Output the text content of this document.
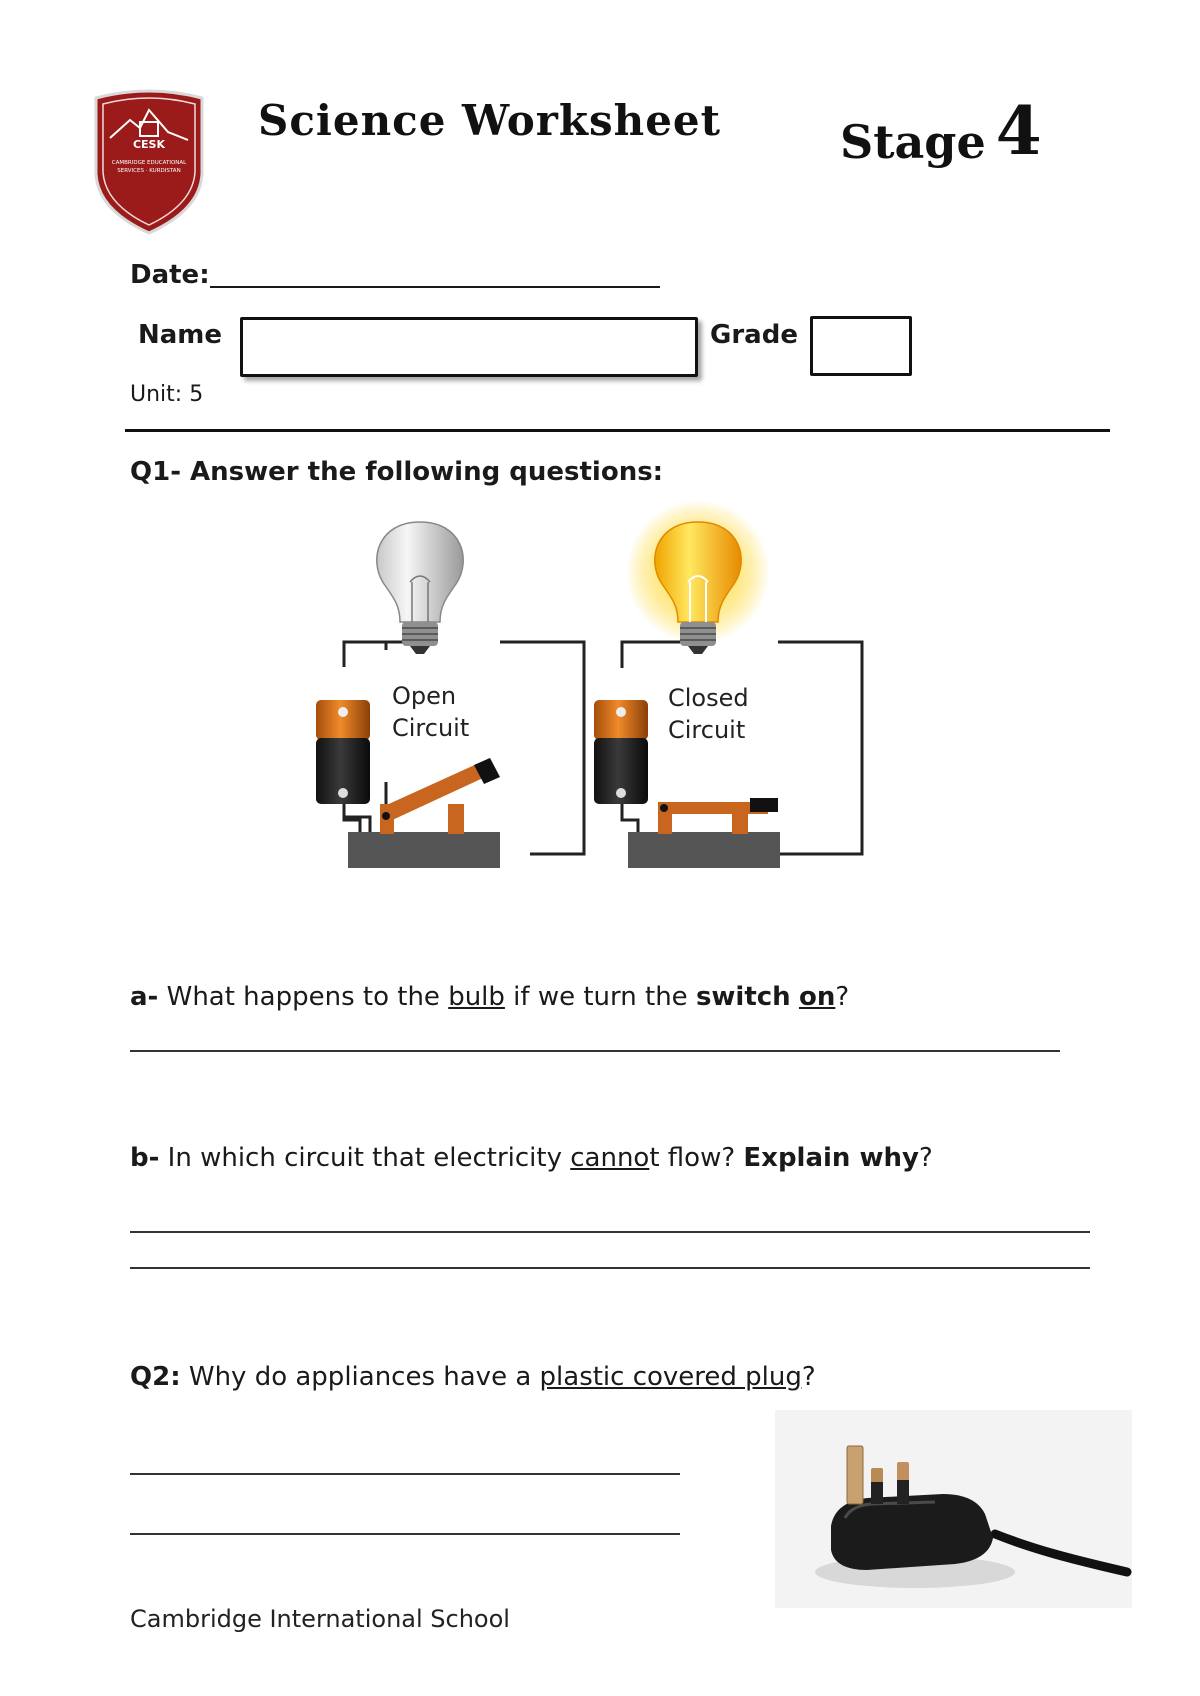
CESK
CAMBRIDGE EDUCATIONAL
SERVICES · KURDISTAN
Science Worksheet	Stage 4
Date:
Name	Grade
Unit: 5
Q1- Answer the following questions:
Open
Circuit
Closed
Circuit
a- What happens to the bulb if we turn the switch on?
b- In which circuit that electricity cannot flow? Explain why?
Q2: Why do appliances have a plastic covered plug?
Cambridge International School
